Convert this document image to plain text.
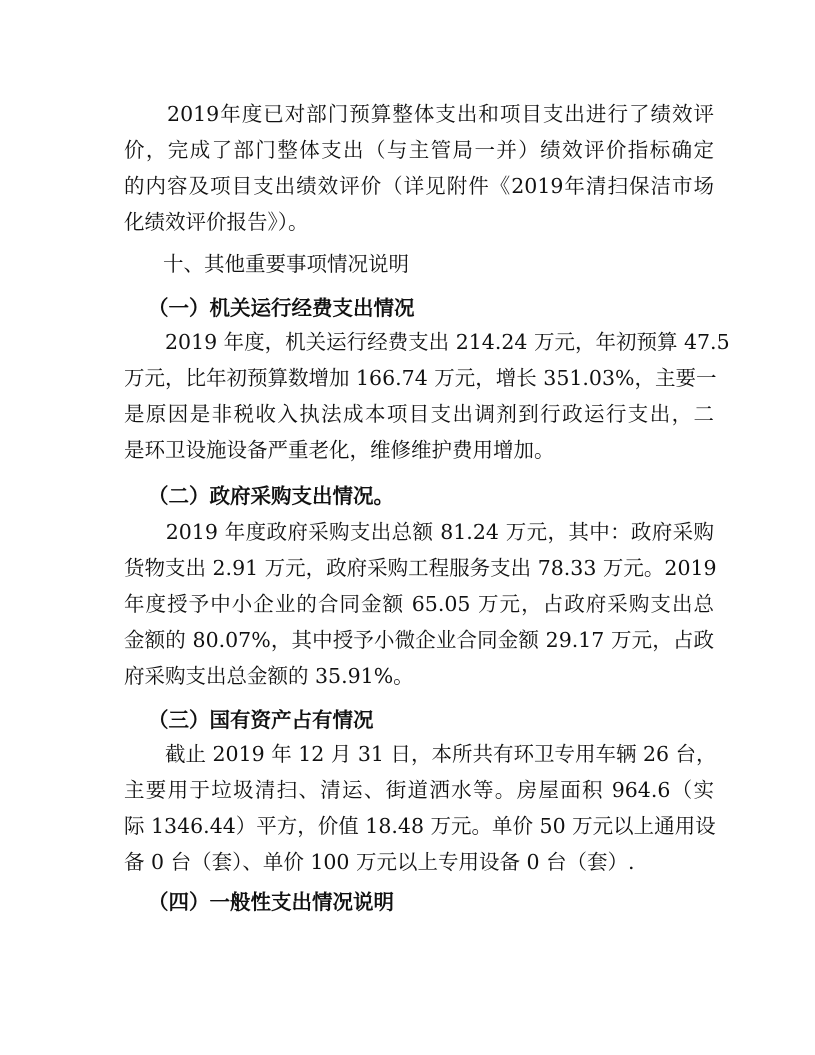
　　2019年度已对部门预算整体支出和项目支出进行了绩效评
价，完成了部门整体支出（与主管局一并）绩效评价指标确定
的内容及项目支出绩效评价（详见附件《2019年清扫保洁市场
化绩效评价报告》）。
十、其他重要事项情况说明
（一）机关运行经费支出情况
　　2019 年度，机关运行经费支出 214.24 万元，年初预算 47.5
万元，比年初预算数增加 166.74 万元，增长 351.03%，主要一
是原因是非税收入执法成本项目支出调剂到行政运行支出，二
是环卫设施设备严重老化，维修维护费用增加。
（二）政府采购支出情况。
　　2019 年度政府采购支出总额 81.24 万元，其中：政府采购
货物支出 2.91 万元，政府采购工程服务支出 78.33 万元。2019
年度授予中小企业的合同金额 65.05 万元，占政府采购支出总
金额的 80.07%，其中授予小微企业合同金额 29.17 万元，占政
府采购支出总金额的 35.91%。
（三）国有资产占有情况
　　截止 2019 年 12 月 31 日，本所共有环卫专用车辆 26 台，
主要用于垃圾清扫、清运、街道洒水等。房屋面积 964.6（实
际 1346.44）平方，价值 18.48 万元。单价 50 万元以上通用设
备 0 台（套）、单价 100 万元以上专用设备 0 台（套）.
（四）一般性支出情况说明
